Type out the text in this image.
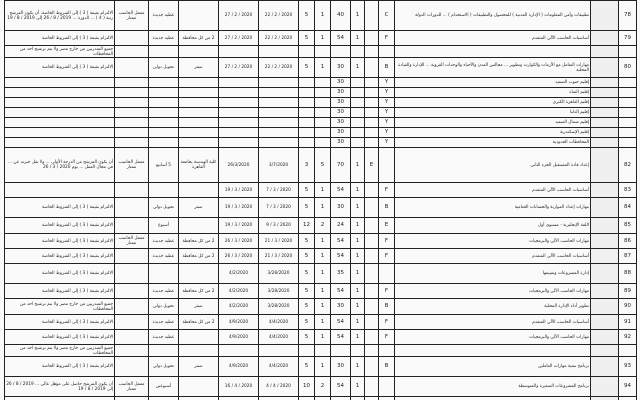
الالتزام بقيمة ( 3 ) إلى الشروط الخاصة، أن يكون المرشح رتبة ( 4 ) ... الدورة ... 2019 / 8 / 26 إلى 2019 / 8 / 19	معمل الحاسب ممتاز	عطيه جديدة		2020 / 2 / 27	2020 / 2 / 22	5	1	40	1		C	تطبيقات وأمن المعلومات ( الإدارة المدنية ) للمحصول والتطبيقات ( الاستخدام ) ... للدورات الدولة		78
الالتزام بقيمة ( 3 ) إلى الشروط الخاصة		عطيه جديدة	2 من كل محافظة	2020 / 2 / 27	2020 / 2 / 22	5	1	54	1		F	أساسيات الحاسب الآلي المتقدم		79
جميع المتدربين من خارج مصر ولا يتم ترشيح احد من المحافظات														
الالتزام بقيمة ( 3 ) إلى الشروط الخاصة		تحويل دولي	صفر	2020 / 2 / 27	2020 / 2 / 22	5	1	30	1		B	مهارات التعامل مع الأزمات والكوارث وتطوير ... مجالس المدن والأحياء والوحدات القروية ... للإدارة والقيادة المحلية		80
								30			Y	إقليم جنوب الصعيد		
								30			Y	إقليم القناة		
								30			Y	إقليم القاهرة الكبرى		
								30			Y	إقليم الدلتا		
								30			Y	إقليم شمال الصعيد		
								30			Y	إقليم الإسكندرية		
								30			Y	المحافظات الحدودية		
أن يكون المرشح من الدرجة الأولى ... ولا تقل خبرته عن ... في مجال العمل ... يوم 2020 / 3 / 26	معمل الحاسب ممتاز	5 أسابيع	كلية الهندسة بجامعة القاهرة	26/3/2020	3/7/2020	3	5	70	1	E		إعداد قادة المستقبل الجزء الثاني		82
				2020 / 3 / 19	2020 / 3 / 7	5	1	54	1		F	أساسيات الحاسب الآلي المتقدم		83
الالتزام بقيمة ( 3 ) إلى الشروط الخاصة		تحويل دولي	صفر	2020 / 3 / 19	2020 / 3 / 7	5	1	30	1		B	مهارات إعداد الموازنة والحسابات الختامية		84
الالتزام بقيمة ( 3 ) إلى الشروط الخاصة		أسبوع		2020 / 3 / 19	2020 / 3 / 9	12	2	24	1		E	اللغة الإنجليزية - مستوى أول		85
الالتزام بقيمة ( 3 ) إلى الشروط الخاصة	معمل الحاسب ممتاز	عطيه جديدة	2 من كل محافظة	2020 / 3 / 26	2020 / 3 / 21	5	1	54	1		F	مهارات الحاسب الآلي والبرمجيات		86
الالتزام بقيمة ( 3 ) إلى الشروط الخاصة		عطيه جديدة	2 من كل محافظة	2020 / 3 / 26	2020 / 3 / 21	5	1	54	1		F	أساسيات الحاسب الآلي المتقدم		87
الالتزام بقيمة ( 3 ) إلى الشروط الخاصة				4/2/2020	3/28/2020	5	1	35	1			إدارة المشروعات وتقييمها		88
الالتزام بقيمة ( 3 ) إلى الشروط الخاصة		عطيه جديدة	2 من كل محافظة	4/2/2020	3/28/2020	5	1	54	1		F	مهارات الحاسب الآلي والبرمجيات		89
جميع المتدربين من خارج مصر ولا يتم ترشيح احد من المحافظات		تحويل دولي	صفر	4/2/2020	3/28/2020	5	1	30	1		B	تطوير أداء الإدارة المحلية		90
الالتزام بقيمة ( 3 ) إلى الشروط الخاصة		عطيه جديدة	2 من كل محافظة	4/9/2020	4/4/2020	5	1	54	1		F	أساسيات الحاسب الآلي المتقدم		91
الالتزام بقيمة ( 3 ) إلى الشروط الخاصة		عطيه جديدة		4/9/2020	4/4/2020	5	1	54	1		F	مهارات الحاسب الآلي والبرمجيات		92
جميع المتدربين من خارج مصر ولا يتم ترشيح احد من المحافظات														
الالتزام بقيمة ( 3 ) إلى الشروط الخاصة		تحويل دولي	صفر	4/9/2020	4/4/2020	5	1	30	1		B	برنامج تنمية مهارات العاملين		93
أن يكون المرشح حاصل على مؤهل عالي ... 2019 / 8 / 26 إلى 2019 / 8 / 19	معمل الحاسب ممتاز	أسبوعين		2020 / 4 / 16	2020 / 4 / 4	10	2	54	1			برنامج المشروعات الصغيرة والمتوسطة		94
